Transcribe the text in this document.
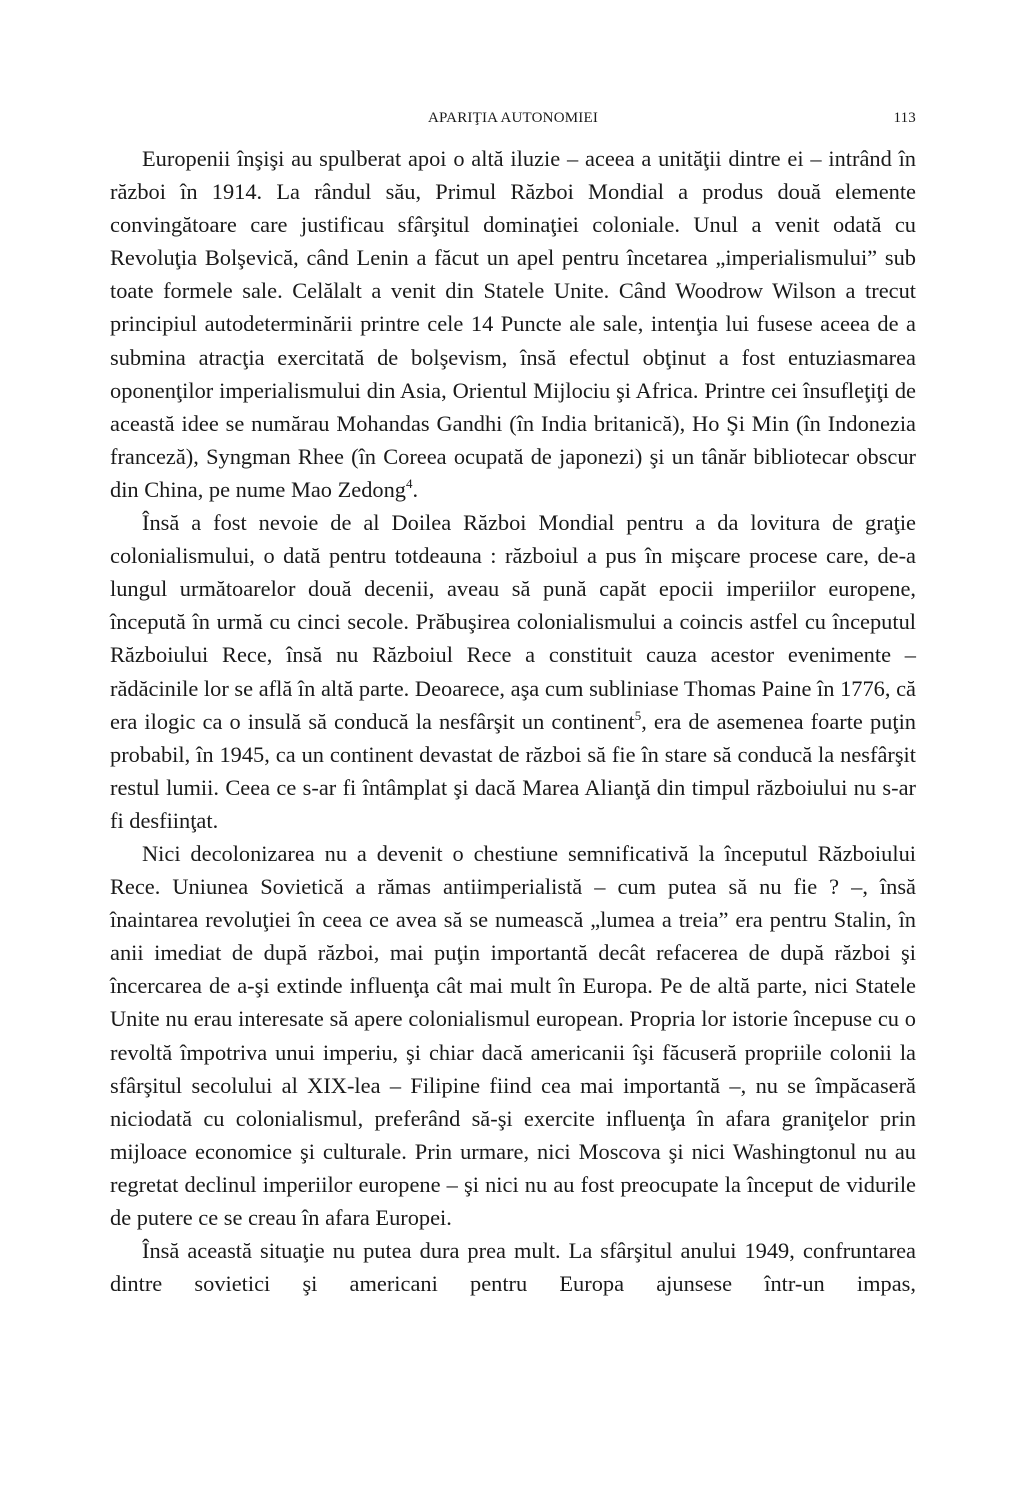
APARIŢIA AUTONOMIEI	113

Europenii înşişi au spulberat apoi o altă iluzie – aceea a unităţii dintre ei – intrând în război în 1914. La rândul său, Primul Război Mondial a produs două elemente convingătoare care justificau sfârşitul dominaţiei coloniale. Unul a venit odată cu Revoluţia Bolşevică, când Lenin a făcut un apel pentru încetarea „imperialismului” sub toate formele sale. Celălalt a venit din Statele Unite. Când Woodrow Wilson a trecut principiul autodeterminării printre cele 14 Puncte ale sale, intenţia lui fusese aceea de a submina atracţia exercitată de bolşevism, însă efectul obţinut a fost entuziasmarea oponenţilor imperialismului din Asia, Orientul Mijlociu şi Africa. Printre cei însufleţiţi de această idee se numărau Mohandas Gandhi (în India britanică), Ho Şi Min (în Indonezia franceză), Syngman Rhee (în Coreea ocupată de japonezi) şi un tânăr bibliotecar obscur din China, pe nume Mao Zedong$^4$.

Însă a fost nevoie de al Doilea Război Mondial pentru a da lovitura de graţie colonialismului, o dată pentru totdeauna : războiul a pus în mişcare procese care, de-a lungul următoarelor două decenii, aveau să pună capăt epocii imperiilor europene, începută în urmă cu cinci secole. Prăbuşirea colonialismului a coincis astfel cu începutul Războiului Rece, însă nu Războiul Rece a constituit cauza acestor evenimente – rădăcinile lor se află în altă parte. Deoarece, aşa cum subliniase Thomas Paine în 1776, că era ilogic ca o insulă să conducă la nesfârşit un continent$^5$, era de asemenea foarte puţin probabil, în 1945, ca un continent devastat de război să fie în stare să conducă la nesfârşit restul lumii. Ceea ce s-ar fi întâmplat şi dacă Marea Alianţă din timpul războiului nu s-ar fi desfiinţat.

Nici decolonizarea nu a devenit o chestiune semnificativă la începutul Războiului Rece. Uniunea Sovietică a rămas antiimperialistă – cum putea să nu fie ? –, însă înaintarea revoluţiei în ceea ce avea să se numească „lumea a treia” era pentru Stalin, în anii imediat de după război, mai puţin importantă decât refacerea de după război şi încercarea de a-şi extinde influenţa cât mai mult în Europa. Pe de altă parte, nici Statele Unite nu erau interesate să apere colonialismul european. Propria lor istorie începuse cu o revoltă împotriva unui imperiu, şi chiar dacă americanii îşi făcuseră propriile colonii la sfârşitul secolului al XIX-lea – Filipine fiind cea mai importantă –, nu se împăcaseră niciodată cu colonialismul, preferând să-şi exercite influenţa în afara graniţelor prin mijloace economice şi culturale. Prin urmare, nici Moscova şi nici Washingtonul nu au regretat declinul imperiilor europene – şi nici nu au fost preocupate la început de vidurile de putere ce se creau în afara Europei.

Însă această situaţie nu putea dura prea mult. La sfârşitul anului 1949, confruntarea dintre sovietici şi americani pentru Europa ajunsese într-un impas,
